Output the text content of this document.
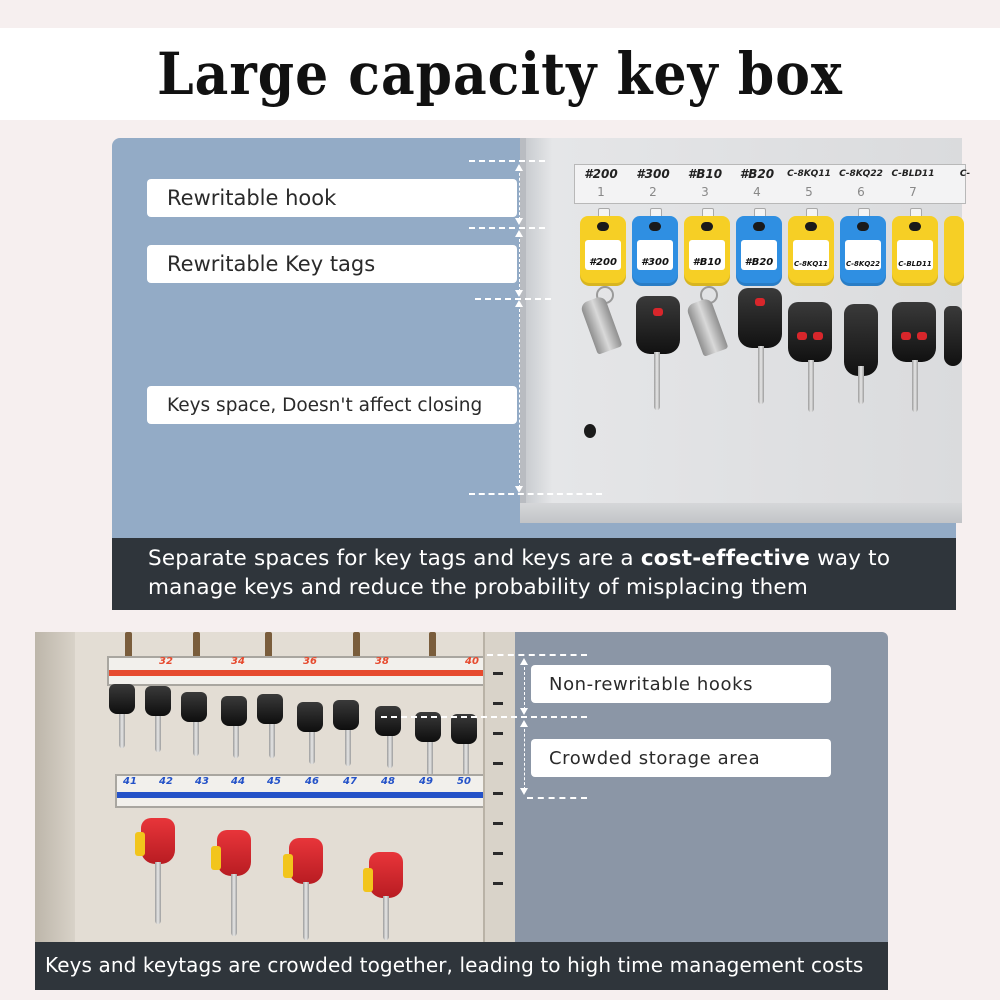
Large capacity key box
#200	#300	#B10	#B20	C-8KQ11 C-8KQ22 C-BLD11	C-
1	2	3	4	5	6	7
#200	#300	#B10	#B20	C-8KQ11	C-8KQ22	C-BLD11
Rewritable hook
Rewritable Key tags
Keys space, Doesn't affect closing
Separate spaces for key tags and keys are a cost-effective way to manage keys and reduce the probability of misplacing them
32	34	36	38	40
41 42 43 44 45 46 47 48 49 50
Non-rewritable hooks
Crowded storage area
Keys and keytags are crowded together, leading to high time management costs
